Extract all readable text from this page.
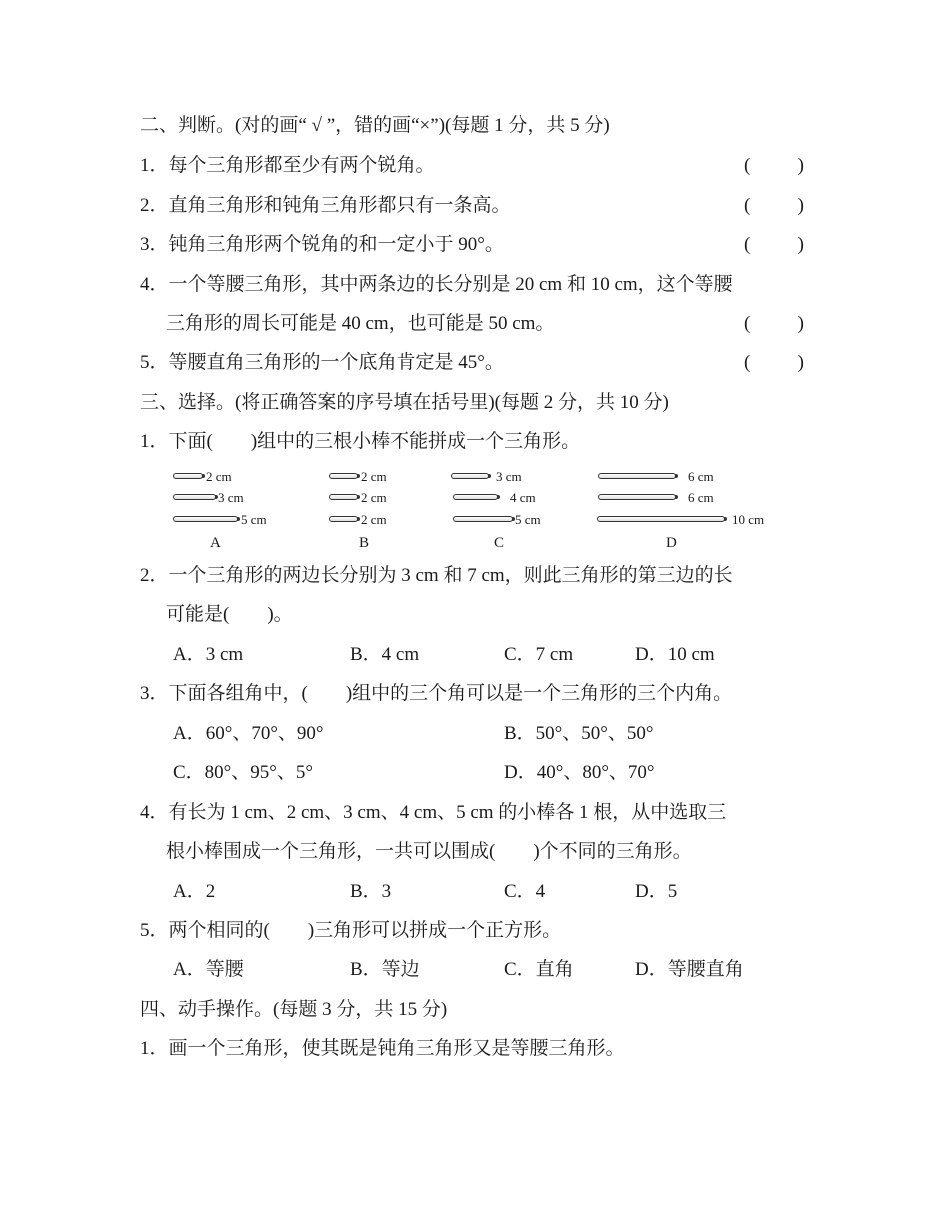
二、判断。(对的画“ √ ”，错的画“×”)(每题 1 分，共 5 分)
1．每个三角形都至少有两个锐角。	( )
2．直角三角形和钝角三角形都只有一条高。	( )
3．钝角三角形两个锐角的和一定小于 90°。	( )
4．一个等腰三角形，其中两条边的长分别是 20 cm 和 10 cm，这个等腰
三角形的周长可能是 40 cm，也可能是 50 cm。	( )
5．等腰直角三角形的一个底角肯定是 45°。	( )
三、选择。(将正确答案的序号填在括号里)(每题 2 分，共 10 分)
1．下面(　　)组中的三根小棒不能拼成一个三角形。
2 cm
3 cm
5 cm
A
2 cm
2 cm
2 cm
B
3 cm
4 cm
5 cm
C
6 cm
6 cm
10 cm
D
2．一个三角形的两边长分别为 3 cm 和 7 cm，则此三角形的第三边的长
可能是(　　)。
A．3 cm	B．4 cm	C．7 cm	D．10 cm
3．下面各组角中，(　　)组中的三个角可以是一个三角形的三个内角。
A．60°、70°、90°	B．50°、50°、50°
C．80°、95°、5°	D．40°、80°、70°
4．有长为 1 cm、2 cm、3 cm、4 cm、5 cm 的小棒各 1 根，从中选取三
根小棒围成一个三角形，一共可以围成(　　)个不同的三角形。
A．2	B．3	C．4	D．5
5．两个相同的(　　)三角形可以拼成一个正方形。
A．等腰	B．等边	C．直角	D．等腰直角
四、动手操作。(每题 3 分，共 15 分)
1．画一个三角形，使其既是钝角三角形又是等腰三角形。
